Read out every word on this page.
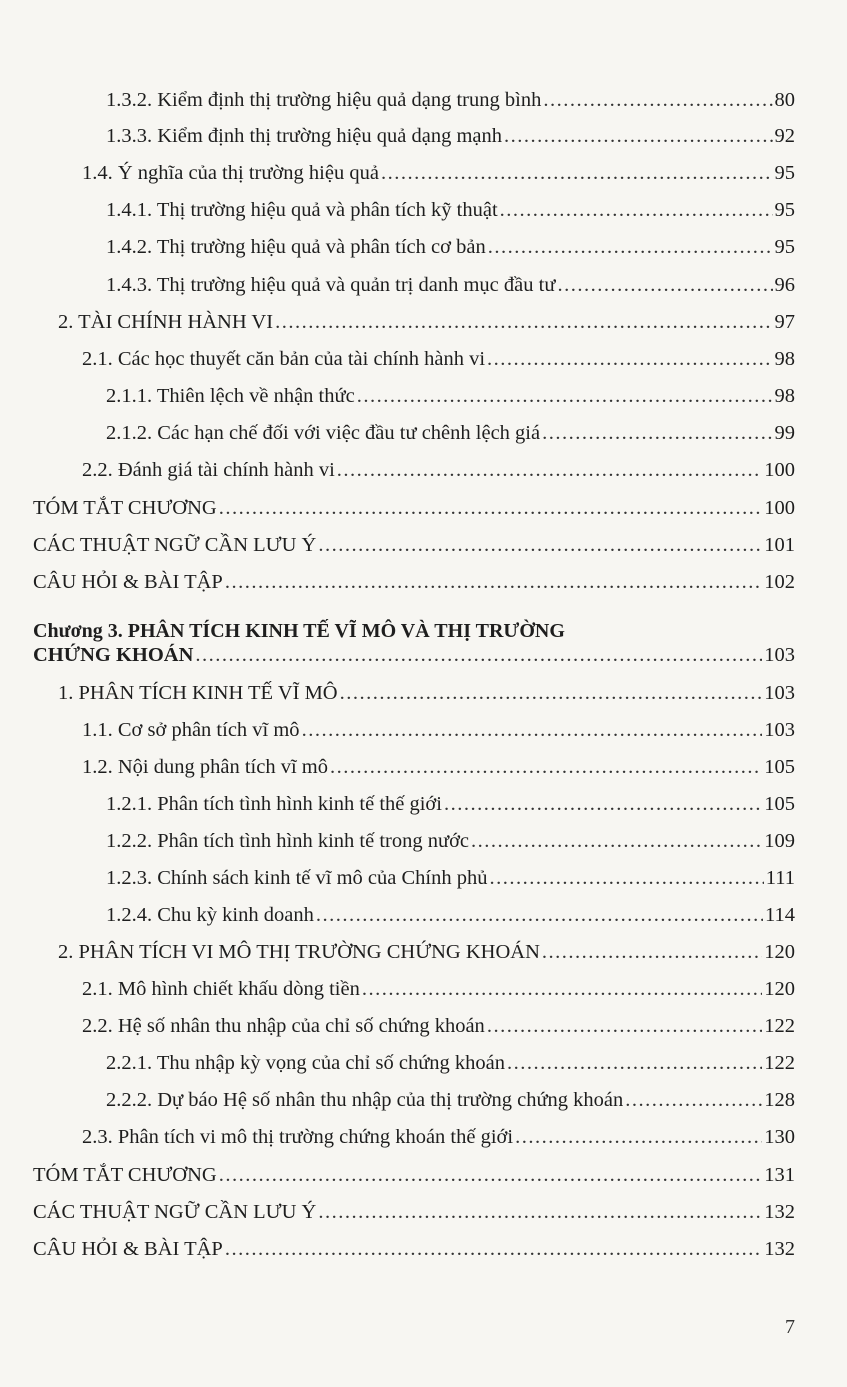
1.3.2. Kiểm định thị trường hiệu quả dạng trung bình .....	80
1.3.3. Kiểm định thị trường hiệu quả dạng mạnh .....	92
1.4. Ý nghĩa của thị trường hiệu quả .....	95
1.4.1. Thị trường hiệu quả và phân tích kỹ thuật .....	95
1.4.2. Thị trường hiệu quả và phân tích cơ bản .....	95
1.4.3. Thị trường hiệu quả và quản trị danh mục đầu tư .....	96
2. TÀI CHÍNH HÀNH VI .....	97
2.1. Các học thuyết căn bản của tài chính hành vi .....	98
2.1.1. Thiên lệch về nhận thức .....	98
2.1.2. Các hạn chế đối với việc đầu tư chênh lệch giá .....	99
2.2. Đánh giá tài chính hành vi .....	100
TÓM TẮT CHƯƠNG .....	100
CÁC THUẬT NGỮ CẦN LƯU Ý .....	101
CÂU HỎI & BÀI TẬP .....	102
Chương 3. PHÂN TÍCH KINH TẾ VĨ MÔ VÀ THỊ TRƯỜNG
CHỨNG KHOÁN .....	103
1. PHÂN TÍCH KINH TẾ VĨ MÔ .....	103
1.1. Cơ sở phân tích vĩ mô .....	103
1.2. Nội dung phân tích vĩ mô .....	105
1.2.1. Phân tích tình hình kinh tế thế giới .....	105
1.2.2. Phân tích tình hình kinh tế trong nước .....	109
1.2.3. Chính sách kinh tế vĩ mô của Chính phủ .....	111
1.2.4. Chu kỳ kinh doanh .....	114
2. PHÂN TÍCH VI MÔ THỊ TRƯỜNG CHỨNG KHOÁN .....	120
2.1. Mô hình chiết khấu dòng tiền .....	120
2.2. Hệ số nhân thu nhập của chỉ số chứng khoán .....	122
2.2.1. Thu nhập kỳ vọng của chỉ số chứng khoán .....	122
2.2.2. Dự báo Hệ số nhân thu nhập của thị trường chứng khoán .....	128
2.3. Phân tích vi mô thị trường chứng khoán thế giới .....	130
TÓM TẮT CHƯƠNG .....	131
CÁC THUẬT NGỮ CẦN LƯU Ý .....	132
CÂU HỎI & BÀI TẬP .....	132
7
